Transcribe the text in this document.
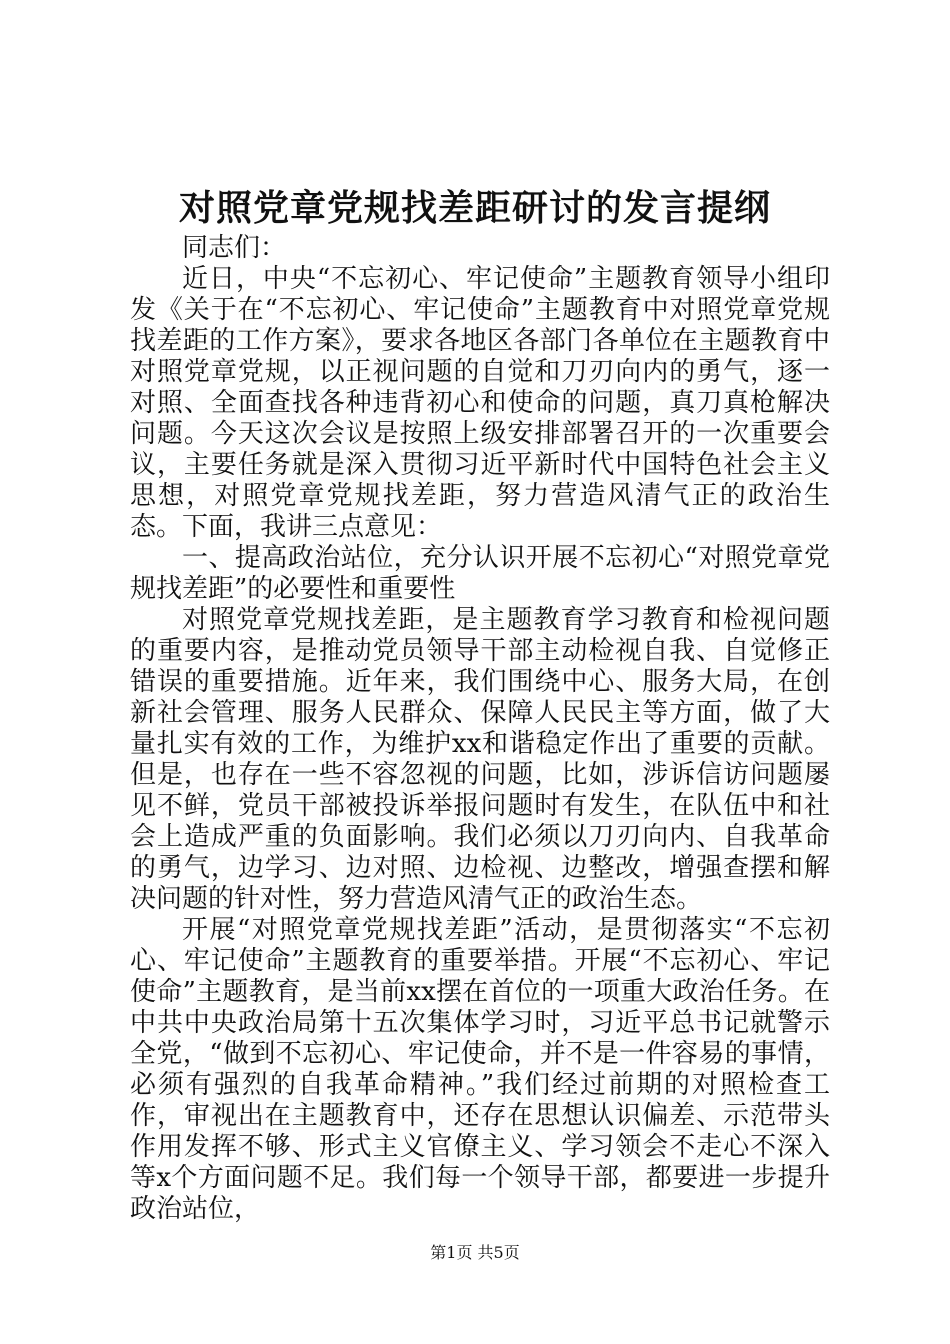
对照党章党规找差距研讨的发言提纲

同志们：

近日，中央“不忘初心、牢记使命”主题教育领导小组印发《关于在“不忘初心、牢记使命”主题教育中对照党章党规找差距的工作方案》，要求各地区各部门各单位在主题教育中对照党章党规，以正视问题的自觉和刀刃向内的勇气，逐一对照、全面查找各种违背初心和使命的问题，真刀真枪解决问题。今天这次会议是按照上级安排部署召开的一次重要会议，主要任务就是深入贯彻习近平新时代中国特色社会主义思想，对照党章党规找差距，努力营造风清气正的政治生态。下面，我讲三点意见：

一、提高政治站位，充分认识开展不忘初心“对照党章党规找差距”的必要性和重要性

对照党章党规找差距，是主题教育学习教育和检视问题的重要内容，是推动党员领导干部主动检视自我、自觉修正错误的重要措施。近年来，我们围绕中心、服务大局，在创新社会管理、服务人民群众、保障人民民主等方面，做了大量扎实有效的工作，为维护xx和谐稳定作出了重要的贡献。但是，也存在一些不容忽视的问题，比如，涉诉信访问题屡见不鲜，党员干部被投诉举报问题时有发生，在队伍中和社会上造成严重的负面影响。我们必须以刀刃向内、自我革命的勇气，边学习、边对照、边检视、边整改，增强查摆和解决问题的针对性，努力营造风清气正的政治生态。

开展“对照党章党规找差距”活动，是贯彻落实“不忘初心、牢记使命”主题教育的重要举措。开展“不忘初心、牢记使命”主题教育，是当前xx摆在首位的一项重大政治任务。在中共中央政治局第十五次集体学习时，习近平总书记就警示全党，“做到不忘初心、牢记使命，并不是一件容易的事情，必须有强烈的自我革命精神。”我们经过前期的对照检查工作，审视出在主题教育中，还存在思想认识偏差、示范带头作用发挥不够、形式主义官僚主义、学习领会不走心不深入等x个方面问题不足。我们每一个领导干部，都要进一步提升政治站位，

第1页 共5页
